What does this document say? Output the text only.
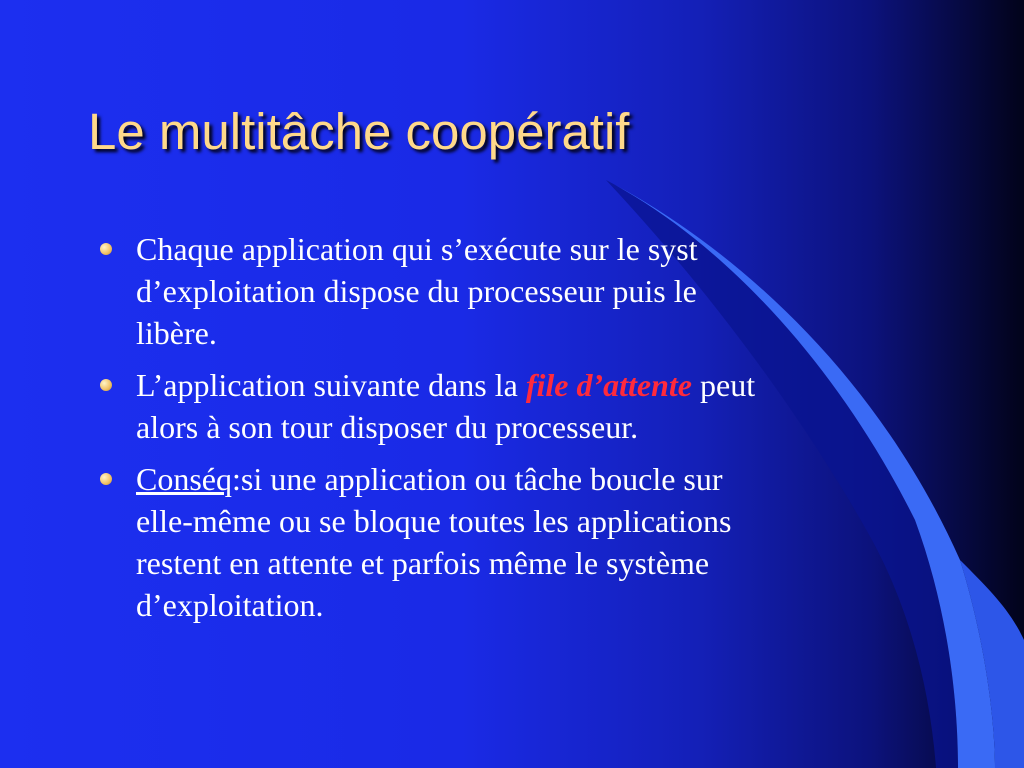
Le multitâche coopératif
Chaque application qui s’exécute sur le syst
d’exploitation dispose du processeur puis le
libère.
L’application suivante dans la file d’attente peut
alors à son tour disposer du processeur.
Conséq:si une application ou tâche boucle sur
elle-même ou se bloque toutes les applications
restent en attente et parfois même le système
d’exploitation.
